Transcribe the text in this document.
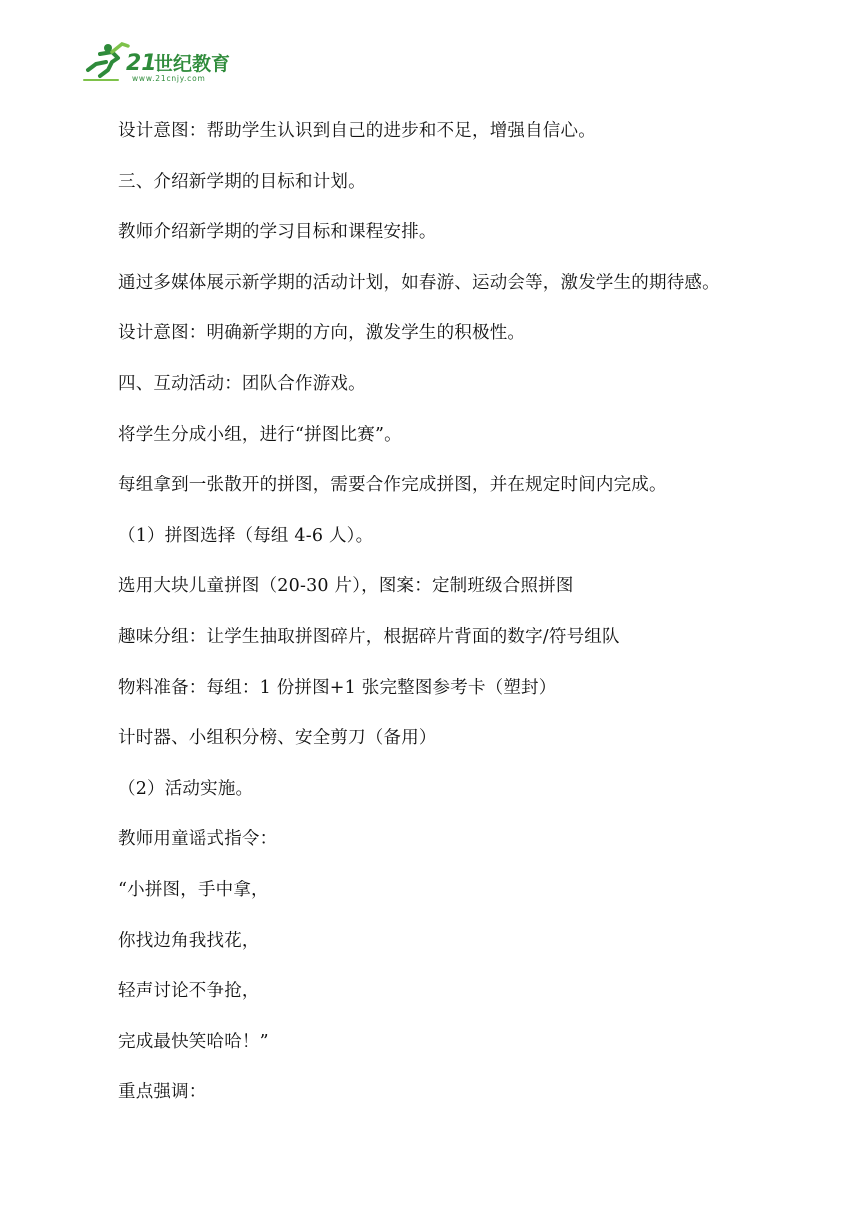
21
世纪教育
www.21cnjy.com
设计意图：帮助学生认识到自己的进步和不足，增强自信心。
三、介绍新学期的目标和计划。
教师介绍新学期的学习目标和课程安排。
通过多媒体展示新学期的活动计划，如春游、运动会等，激发学生的期待感。
设计意图：明确新学期的方向，激发学生的积极性。
四、互动活动：团队合作游戏。
将学生分成小组，进行“拼图比赛”。
每组拿到一张散开的拼图，需要合作完成拼图，并在规定时间内完成。
（1）拼图选择（每组 4-6 人）。
选用大块儿童拼图（20-30 片），图案：定制班级合照拼图
趣味分组：让学生抽取拼图碎片，根据碎片背面的数字/符号组队
物料准备：每组：1 份拼图+1 张完整图参考卡（塑封）
计时器、小组积分榜、安全剪刀（备用）
（2）活动实施。
教师用童谣式指令：
“小拼图，手中拿，
你找边角我找花，
轻声讨论不争抢，
完成最快笑哈哈！”
重点强调：
